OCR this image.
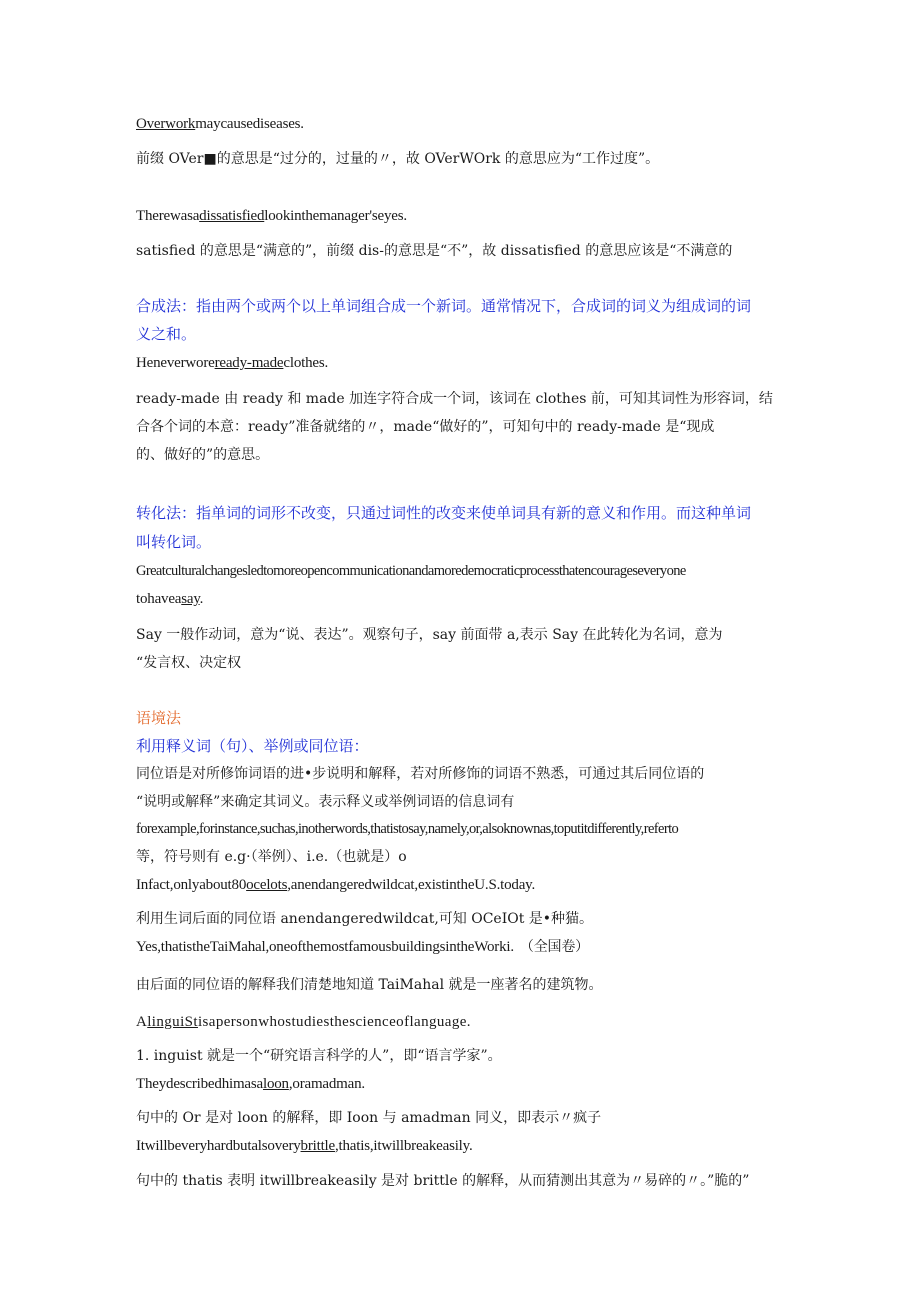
Overworkmaycausediseases.

前缀 OVer■的意思是“过分的，过量的〃，故 OVerWOrk 的意思应为“工作过度”。

Therewasadissatisfiedlookinthemanager'seyes.

satisfied 的意思是“满意的”，前缀 dis-的意思是“不”，故 dissatisfied 的意思应该是“不满意的

合成法：指由两个或两个以上单词组合成一个新词。通常情况下，合成词的词义为组成词的词

义之和。

Heneverworeready-madeclothes.

ready-made 由 ready 和 made 加连字符合成一个词，该词在 clothes 前，可知其词性为形容词，结

合各个词的本意：ready”准备就绪的〃，made“做好的”，可知句中的 ready-made 是“现成

的、做好的”的意思。

转化法：指单词的词形不改变，只通过词性的改变来使单词具有新的意义和作用。而这种单词

叫转化词。

Greatculturalchangesledtomoreopencommunicationandamoredemocraticprocessthatencourageseveryone

tohaveasay.

Say 一般作动词，意为“说、表达”。观察句子，say 前面带 a,表示 Say 在此转化为名词，意为

“发言权、决定权

语境法

利用释义词（句）、举例或同位语：

同位语是对所修饰词语的进•步说明和解释，若对所修饰的词语不熟悉，可通过其后同位语的

“说明或解释”来确定其词义。表示释义或举例词语的信息词有

forexample,forinstance,suchas,inotherwords,thatistosay,namely,or,alsoknownas,toputitdifferently,referto

等，符号则有 e.g·（举例）、i.e.（也就是）o

Infact,onlyabout80ocelots,anendangeredwildcat,existintheU.S.today.

利用生词后面的同位语 anendangeredwildcat,可知 OCeIOt 是•种猫。

Yes,thatistheTaiMahal,oneofthemostfamousbuildingsintheWorki. （全国卷）

由后面的同位语的解释我们清楚地知道 TaiMahal 就是一座著名的建筑物。

AlinguiStisapersonwhostudiesthescienceoflanguage.

1. inguist 就是一个“研究语言科学的人”，即“语言学家”。

Theydescribedhimasaloon,oramadman.

句中的 Or 是对 loon 的解释，即 Ioon 与 amadman 同义，即表示〃疯子

Itwillbeveryhardbutalsoverybrittle,thatis,itwillbreakeasily.

句中的 thatis 表明 itwillbreakeasily 是对 brittle 的解释，从而猜测出其意为〃易碎的〃。”脆的”
